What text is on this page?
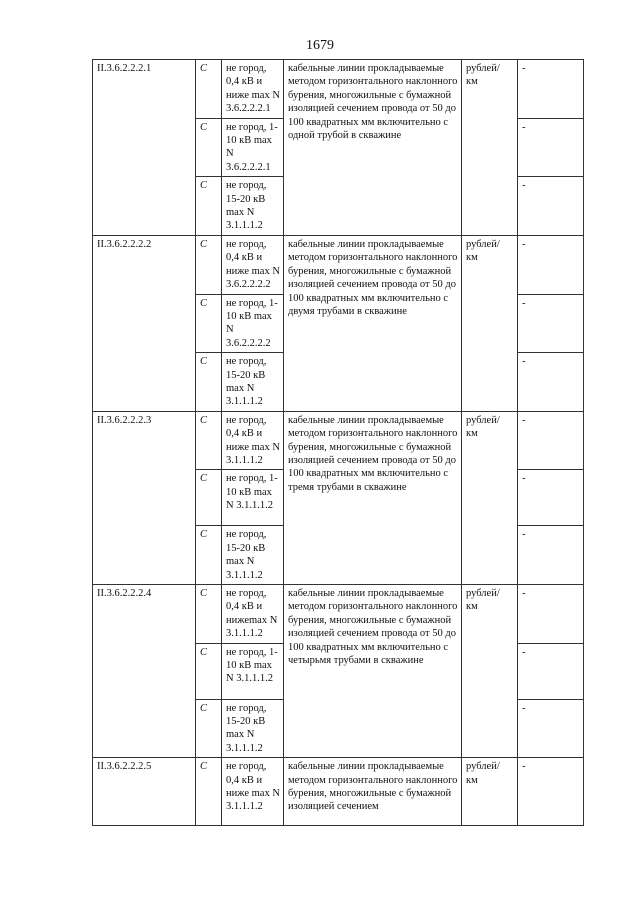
1679
II.3.6.2.2.2.1	С	не город, 0,4 кВ и ниже max N 3.6.2.2.2.1	кабельные линии прокладываемые методом горизонтального наклонного бурения, многожильные с бумажной изоляцией сечением провода от 50 до 100 квадратных мм включительно с одной трубой в скважине	рублей/ км	-
	С	не город, 1-10 кВ max N 3.6.2.2.2.1			-
	С	не город, 15-20 кВ max N 3.1.1.1.2			-
II.3.6.2.2.2.2	С	не город, 0,4 кВ и ниже max N 3.6.2.2.2.2	кабельные линии прокладываемые методом горизонтального наклонного бурения, многожильные с бумажной изоляцией сечением провода от 50 до 100 квадратных мм включительно с двумя трубами в скважине	рублей/ км	-
	С	не город, 1-10 кВ max N 3.6.2.2.2.2			-
	С	не город, 15-20 кВ max N 3.1.1.1.2			-
II.3.6.2.2.2.3	С	не город, 0,4 кВ и ниже max N 3.1.1.1.2	кабельные линии прокладываемые методом горизонтального наклонного бурения, многожильные с бумажной изоляцией сечением провода от 50 до 100 квадратных мм включительно с тремя трубами в скважине	рублей/ км	-
	С	не город, 1-10 кВ max N 3.1.1.1.2			-
	С	не город, 15-20 кВ max N 3.1.1.1.2			-
II.3.6.2.2.2.4	С	не город, 0,4 кВ и нижеmax N 3.1.1.1.2	кабельные линии прокладываемые методом горизонтального наклонного бурения, многожильные с бумажной изоляцией сечением провода от 50 до 100 квадратных мм включительно с четырьмя трубами в скважине	рублей/ км	-
	С	не город, 1-10 кВ max N 3.1.1.1.2			-
	С	не город, 15-20 кВ max N 3.1.1.1.2			-
II.3.6.2.2.2.5	С	не город, 0,4 кВ и ниже max N 3.1.1.1.2	кабельные линии прокладываемые методом горизонтального наклонного бурения, многожильные с бумажной изоляцией сечением	рублей/ км	-
